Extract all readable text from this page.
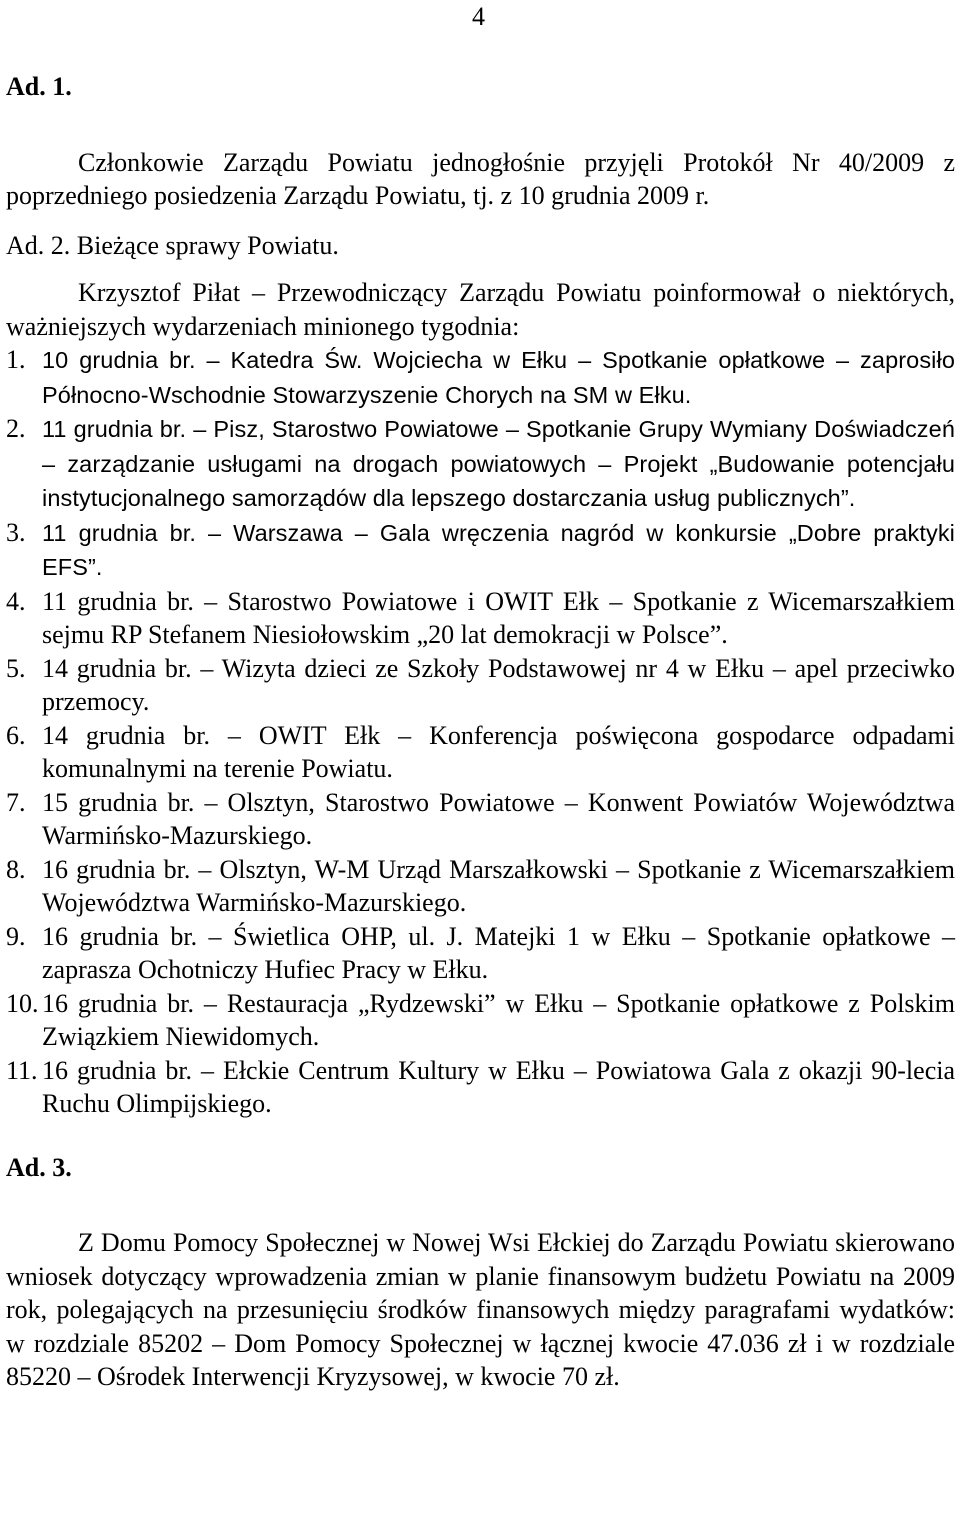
4

Ad. 1.

Członkowie Zarządu Powiatu jednogłośnie przyjęli Protokół Nr 40/2009 z poprzedniego posiedzenia Zarządu Powiatu, tj. z 10 grudnia 2009 r.

Ad. 2. Bieżące sprawy Powiatu.

Krzysztof Piłat – Przewodniczący Zarządu Powiatu poinformował o niektórych, ważniejszych wydarzeniach minionego tygodnia:

1. 10 grudnia br. – Katedra Św. Wojciecha w Ełku – Spotkanie opłatkowe – zaprosiło Północno-Wschodnie Stowarzyszenie Chorych na SM w Ełku.
2. 11 grudnia br. – Pisz, Starostwo Powiatowe – Spotkanie Grupy Wymiany Doświadczeń – zarządzanie usługami na drogach powiatowych – Projekt „Budowanie potencjału instytucjonalnego samorządów dla lepszego dostarczania usług publicznych”.
3. 11 grudnia br. – Warszawa – Gala wręczenia nagród w konkursie „Dobre praktyki EFS”.
4. 11 grudnia br. – Starostwo Powiatowe i OWIT Ełk – Spotkanie z Wicemarszałkiem sejmu RP Stefanem Niesiołowskim „20 lat demokracji w Polsce”.
5. 14 grudnia br. – Wizyta dzieci ze Szkoły Podstawowej nr 4 w Ełku – apel przeciwko przemocy.
6. 14 grudnia br. – OWIT Ełk – Konferencja poświęcona gospodarce odpadami komunalnymi na terenie Powiatu.
7. 15 grudnia br. – Olsztyn, Starostwo Powiatowe – Konwent Powiatów Województwa Warmińsko-Mazurskiego.
8. 16 grudnia br. – Olsztyn, W-M Urząd Marszałkowski – Spotkanie z Wicemarszałkiem Województwa Warmińsko-Mazurskiego.
9. 16 grudnia br. – Świetlica OHP, ul. J. Matejki 1 w Ełku – Spotkanie opłatkowe – zaprasza Ochotniczy Hufiec Pracy w Ełku.
10. 16 grudnia br. – Restauracja „Rydzewski” w Ełku – Spotkanie opłatkowe z Polskim Związkiem Niewidomych.
11. 16 grudnia br. – Ełckie Centrum Kultury w Ełku – Powiatowa Gala z okazji 90-lecia Ruchu Olimpijskiego.

Ad. 3.

Z Domu Pomocy Społecznej w Nowej Wsi Ełckiej do Zarządu Powiatu skierowano wniosek dotyczący wprowadzenia zmian w planie finansowym budżetu Powiatu na 2009 rok, polegających na przesunięciu środków finansowych między paragrafami wydatków: w rozdziale 85202 – Dom Pomocy Społecznej w łącznej kwocie 47.036 zł i w rozdziale 85220 – Ośrodek Interwencji Kryzysowej, w kwocie 70 zł.
